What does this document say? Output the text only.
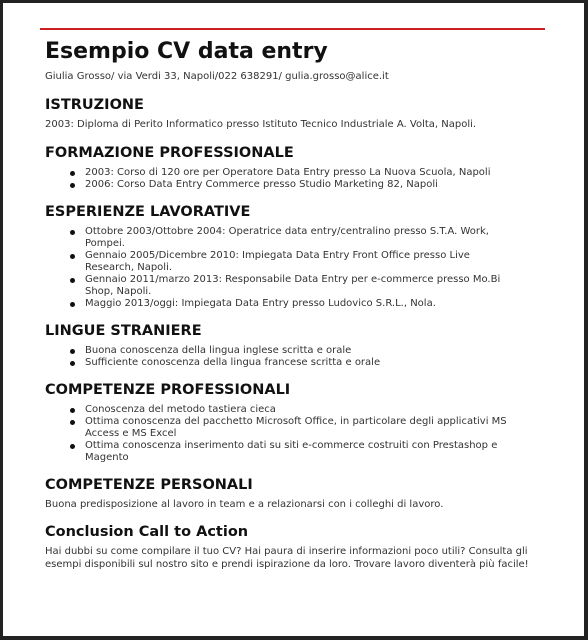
Esempio CV data entry
Giulia Grosso/ via Verdi 33, Napoli/022 638291/ gulia.grosso@alice.it
ISTRUZIONE

2003: Diploma di Perito Informatico presso Istituto Tecnico Industriale A. Volta, Napoli.

FORMAZIONE PROFESSIONALE
2003: Corso di 120 ore per Operatore Data Entry presso La Nuova Scuola, Napoli
2006: Corso Data Entry Commerce presso Studio Marketing 82, Napoli
ESPERIENZE LAVORATIVE
Ottobre 2003/Ottobre 2004: Operatrice data entry/centralino presso S.T.A. Work, Pompei.
Gennaio 2005/Dicembre 2010: Impiegata Data Entry Front Office presso Live Research, Napoli.
Gennaio 2011/marzo 2013: Responsabile Data Entry per e-commerce presso Mo.Bi Shop, Napoli.
Maggio 2013/oggi: Impiegata Data Entry presso Ludovico S.R.L., Nola.
LINGUE STRANIERE
Buona conoscenza della lingua inglese scritta e orale
Sufficiente conoscenza della lingua francese scritta e orale
COMPETENZE PROFESSIONALI
Conoscenza del metodo tastiera cieca
Ottima conoscenza del pacchetto Microsoft Office, in particolare degli applicativi MS Access e MS Excel
Ottima conoscenza inserimento dati su siti e-commerce costruiti con Prestashop e Magento
COMPETENZE PERSONALI

Buona predisposizione al lavoro in team e a relazionarsi con i colleghi di lavoro.

Conclusion Call to Action

Hai dubbi su come compilare il tuo CV? Hai paura di inserire informazioni poco utili? Consulta gli esempi disponibili sul nostro sito e prendi ispirazione da loro. Trovare lavoro diventerà più facile!
